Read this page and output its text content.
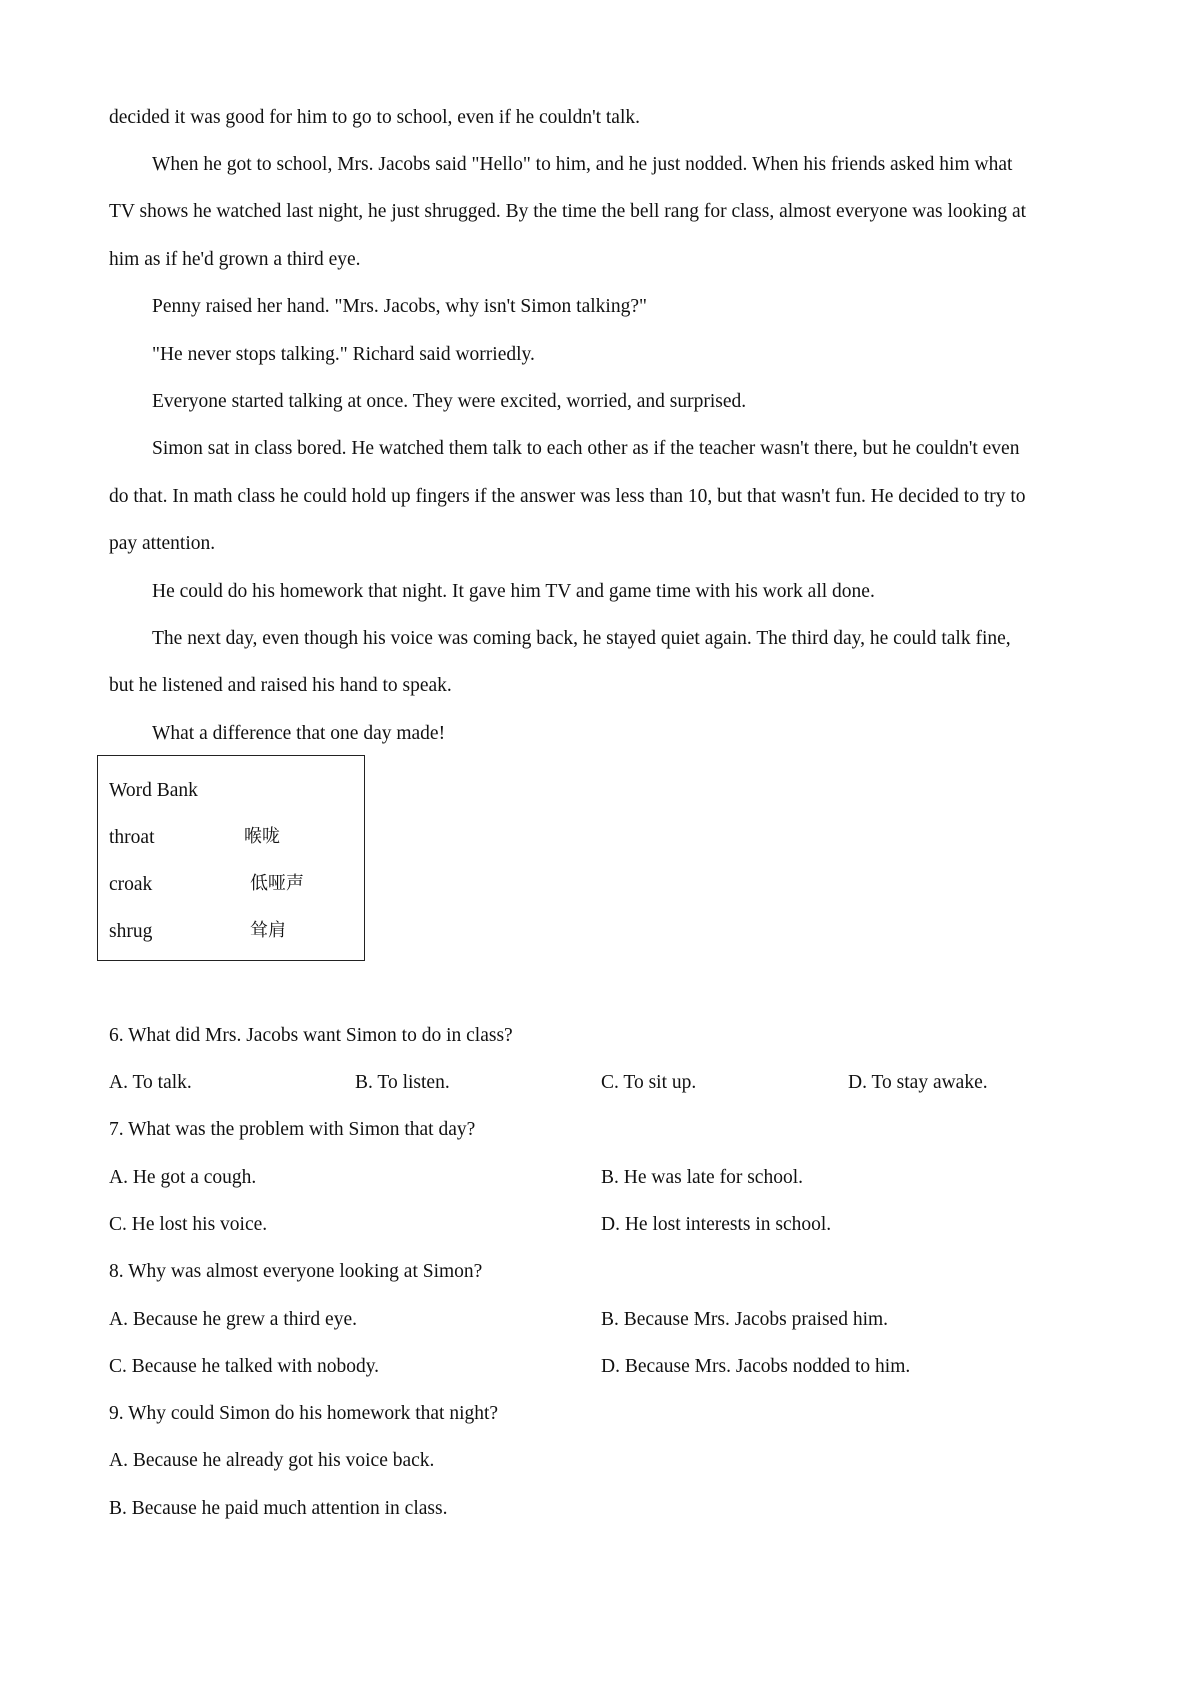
decided it was good for him to go to school, even if he couldn't talk.
When he got to school, Mrs. Jacobs said "Hello" to him, and he just nodded. When his friends asked him what
TV shows he watched last night, he just shrugged. By the time the bell rang for class, almost everyone was looking at
him as if he'd grown a third eye.
Penny raised her hand. "Mrs. Jacobs, why isn't Simon talking?"
"He never stops talking." Richard said worriedly.
Everyone started talking at once. They were excited, worried, and surprised.
Simon sat in class bored. He watched them talk to each other as if the teacher wasn't there, but he couldn't even
do that. In math class he could hold up fingers if the answer was less than 10, but that wasn't fun. He decided to try to
pay attention.
He could do his homework that night. It gave him TV and game time with his work all done.
The next day, even though his voice was coming back, he stayed quiet again. The third day, he could talk fine,
but he listened and raised his hand to speak.
What a difference that one day made!
Word Bank
throat	喉咙
croak	低哑声
shrug	耸肩
6. What did Mrs. Jacobs want Simon to do in class?
A. To talk.	B. To listen.	C. To sit up.	D. To stay awake.
7. What was the problem with Simon that day?
A. He got a cough.	B. He was late for school.
C. He lost his voice.	D. He lost interests in school.
8. Why was almost everyone looking at Simon?
A. Because he grew a third eye.	B. Because Mrs. Jacobs praised him.
C. Because he talked with nobody.	D. Because Mrs. Jacobs nodded to him.
9. Why could Simon do his homework that night?
A. Because he already got his voice back.
B. Because he paid much attention in class.
